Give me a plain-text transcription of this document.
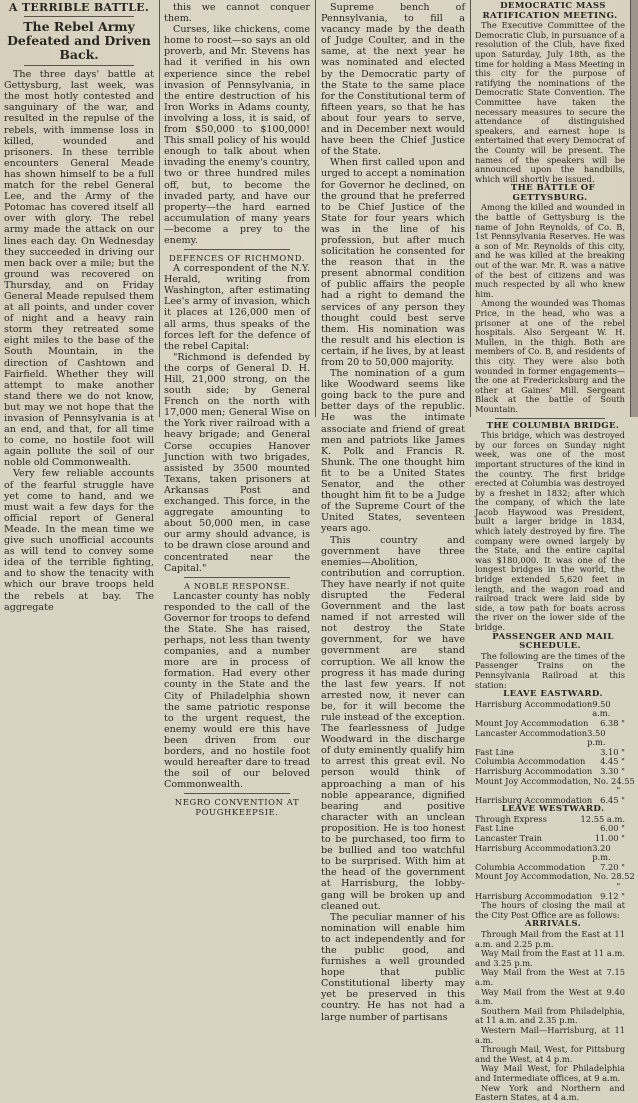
A TERRIBLE BATTLE.

The Rebel Army Defeated and Driven Back.

The three days' battle at Gettysburg, last week, was the most hotly contested and sanguinary of the war, and resulted in the repulse of the rebels, with immense loss in killed, wounded and prisoners. In these terrible encounters General Meade has shown himself to be a full match for the rebel General Lee, and the Army of the Potomac has covered itself all over with glory. The rebel army made the attack on our lines each day. On Wednesday they succeeded in driving our men back over a mile; but the ground was recovered on Thursday, and on Friday General Meade repulsed them at all points, and under cover of night and a heavy rain storm they retreated some eight miles to the base of the South Mountain, in the direction of Cashtown and Fairfield. Whether they will attempt to make another stand there we do not know, but may we not hope that the invasion of Pennsylvania is at an end, and that, for all time to come, no hostile foot will again pollute the soil of our noble old Commonwealth.

Very few reliable accounts of the fearful struggle have yet come to hand, and we must wait a few days for the official report of General Meade. In the mean time we give such unofficial accounts as will tend to convey some idea of the terrible fighting, and to show the tenacity with which our brave troops held the rebels at bay. The aggregate

this we cannot conquer them.

Curses, like chickens, come home to roost—so says an old proverb, and Mr. Stevens has had it verified in his own experience since the rebel invasion of Pennsylvania, in the entire destruction of his Iron Works in Adams county, involving a loss, it is said, of from $50,000 to $100,000! This small policy of his would enough to talk about when invading the enemy's country, two or three hundred miles off, but, to become the invaded party, and have our property—the hard earned accumulation of many years—become a prey to the enemy.

DEFENCES OF RICHMOND.

A correspondent of the N.Y. Herald, writing from Washington, after estimating Lee's army of invasion, which it places at 126,000 men of all arms, thus speaks of the forces left for the defence of the rebel Capital:

"Richmond is defended by the corps of General D. H. Hill, 21,000 strong, on the south side; by General French on the north with 17,000 men; General Wise on the York river railroad with a heavy brigade; and General Corse occupies Hanover Junction with two brigades, assisted by 3500 mounted Texans, taken prisoners at Arkansas Post and exchanged. This force, in the aggregate amounting to about 50,000 men, in case our army should advance, is to be drawn close around and concentrated near the Capital."

A NOBLE RESPONSE.

Lancaster county has nobly responded to the call of the Governor for troops to defend the State. She has raised, perhaps, not less than twenty companies, and a number more are in process of formation. Had every other county in the State and the City of Philadelphia shown the same patriotic response to the urgent request, the enemy would ere this have been driven from our borders, and no hostile foot would hereafter dare to tread the soil of our beloved Commonwealth.

NEGRO CONVENTION AT POUGHKEEPSIE.

Supreme bench of Pennsylvania, to fill a vacancy made by the death of Judge Coulter, and in the same, at the next year he was nominated and elected by the Democratic party of the State to the same place for the Constitutional term of fifteen years, so that he has about four years to serve, and in December next would have been the Chief Justice of the State.

When first called upon and urged to accept a nomination for Governor he declined, on the ground that he preferred to be Chief Justice of the State for four years which was in the line of his profession, but after much solicitation he consented for the reason that in the present abnormal condition of public affairs the people had a right to demand the services of any person they thought could best serve them. His nomination was the result and his election is certain, if he lives, by at least from 20 to 50,000 majority.

The nomination of a gum like Woodward seems like going back to the pure and better days of the republic. He was the intimate associate and friend of great men and patriots like James K. Polk and Francis R. Shunk. The one thought him fit to be a United States Senator, and the other thought him fit to be a Judge of the Supreme Court of the United States, seventeen years ago.

This country and government have three enemies—Abolition, contribution and corruption. They have nearly if not quite disrupted the Federal Government and the last named if not arrested will not destroy the State government, for we have government are stand corruption. We all know the progress it has made during the last few years. If not arrested now, it never can be, for it will become the rule instead of the exception. The fearlessness of Judge Woodward in the discharge of duty eminently qualify him to arrest this great evil. No person would think of approaching a man of his noble appearance, dignified bearing and positive character with an unclean proposition. He is too honest to be purchased, too firm to be bullied and too watchful to be surprised. With him at the head of the government at Harrisburg, the lobby-gang will be broken up and cleaned out.

The peculiar manner of his nomination will enable him to act independently and for the public good, and furnishes a well grounded hope that public Constitutional liberty may yet be preserved in this country. He has not had a large number of partisans

DEMOCRATIC MASS RATIFICATION MEETING.

The Executive Committee of the Democratic Club, in pursuance of a resolution of the Club, have fixed upon Saturday, July 18th, as the time for holding a Mass Meeting in this city for the purpose of ratifying the nominations of the Democratic State Convention. The Committee have taken the necessary measures to secure the attendance of distinguished speakers, and earnest hope is entertained that every Democrat of the County will be present. The names of the speakers will be announced upon the handbills, which will shortly be issued.

THE BATTLE OF GETTYSBURG.

Among the killed and wounded in the battle of Gettysburg is the name of John Reynolds, of Co. B, 1st Pennsylvania Reserves. He was a son of Mr. Reynolds of this city, and he was killed at the breaking out of the war. Mr. R. was a native of the best of citizens and was much respected by all who knew him.

Among the wounded was Thomas Price, in the head, who was a prisoner at one of the rebel hospitals. Also Sergeant W. H. Mullen, in the thigh. Both are members of Co. B, and residents of this city. They were also both wounded in former engagements—the one at Fredericksburg and the other at Gaines' Mill. Sergeant Black at the battle of South Mountain.

THE COLUMBIA BRIDGE.

This bridge, which was destroyed by our forces on Sunday night week, was one of the most important structures of the kind in the country. The first bridge erected at Columbia was destroyed by a freshet in 1832; after which the company, of which the late Jacob Haywood was President, built a larger bridge in 1834, which lately destroyed by fire. The company were owned largely by the State, and the entire capital was $180,000. It was one of the longest bridges in the world, the bridge extended 5,620 feet in length, and the wagon road and railroad track were laid side by side, a tow path for boats across the river on the lower side of the bridge.

PASSENGER AND MAIL SCHEDULE.

The following are the times of the Passenger Trains on the Pennsylvania Railroad at this station:

LEAVE EASTWARD.

Harrisburg Accommodation 9.50 a.m.
Mount Joy Accommodation 6.38 "
Lancaster Accommodation 3.50 p.m.
Fast Line	3.10 "
Columbia Accommodation 4.45 "
Harrisburg Accommodation 3.30 "
Mount Joy Accommodation, No. 2 4.55 "
Harrisburg Accommodation 6.45 "

LEAVE WESTWARD.

Through Express	12.55 a.m.
Fast Line	6.00 "
Lancaster Train	11.00 "
Harrisburg Accommodation 3.20 p.m.
Columbia Accommodation 7.20 "
Mount Joy Accommodation, No. 2 8.52 "
Harrisburg Accommodation 9.12 "

The hours of closing the mail at the City Post Office are as follows:

ARRIVALS.

Through Mail from the East at 11 a.m. and 2.25 p.m.

Way Mail from the East at 11 a.m. and 3.25 p.m.

Way Mail from the West at 7.15 a.m.

Way Mail from the West at 9.40 a.m.

Southern Mail from Philadelphia, at 11 a.m. and 2.35 p.m.

Western Mail—Harrisburg, at 11 a.m.

Through Mail, West, for Pittsburg and the West, at 4 p.m.

Way Mail West, for Philadelphia and Intermediate offices, at 9 a.m.

New York and Northern and Eastern States, at 4 a.m.
